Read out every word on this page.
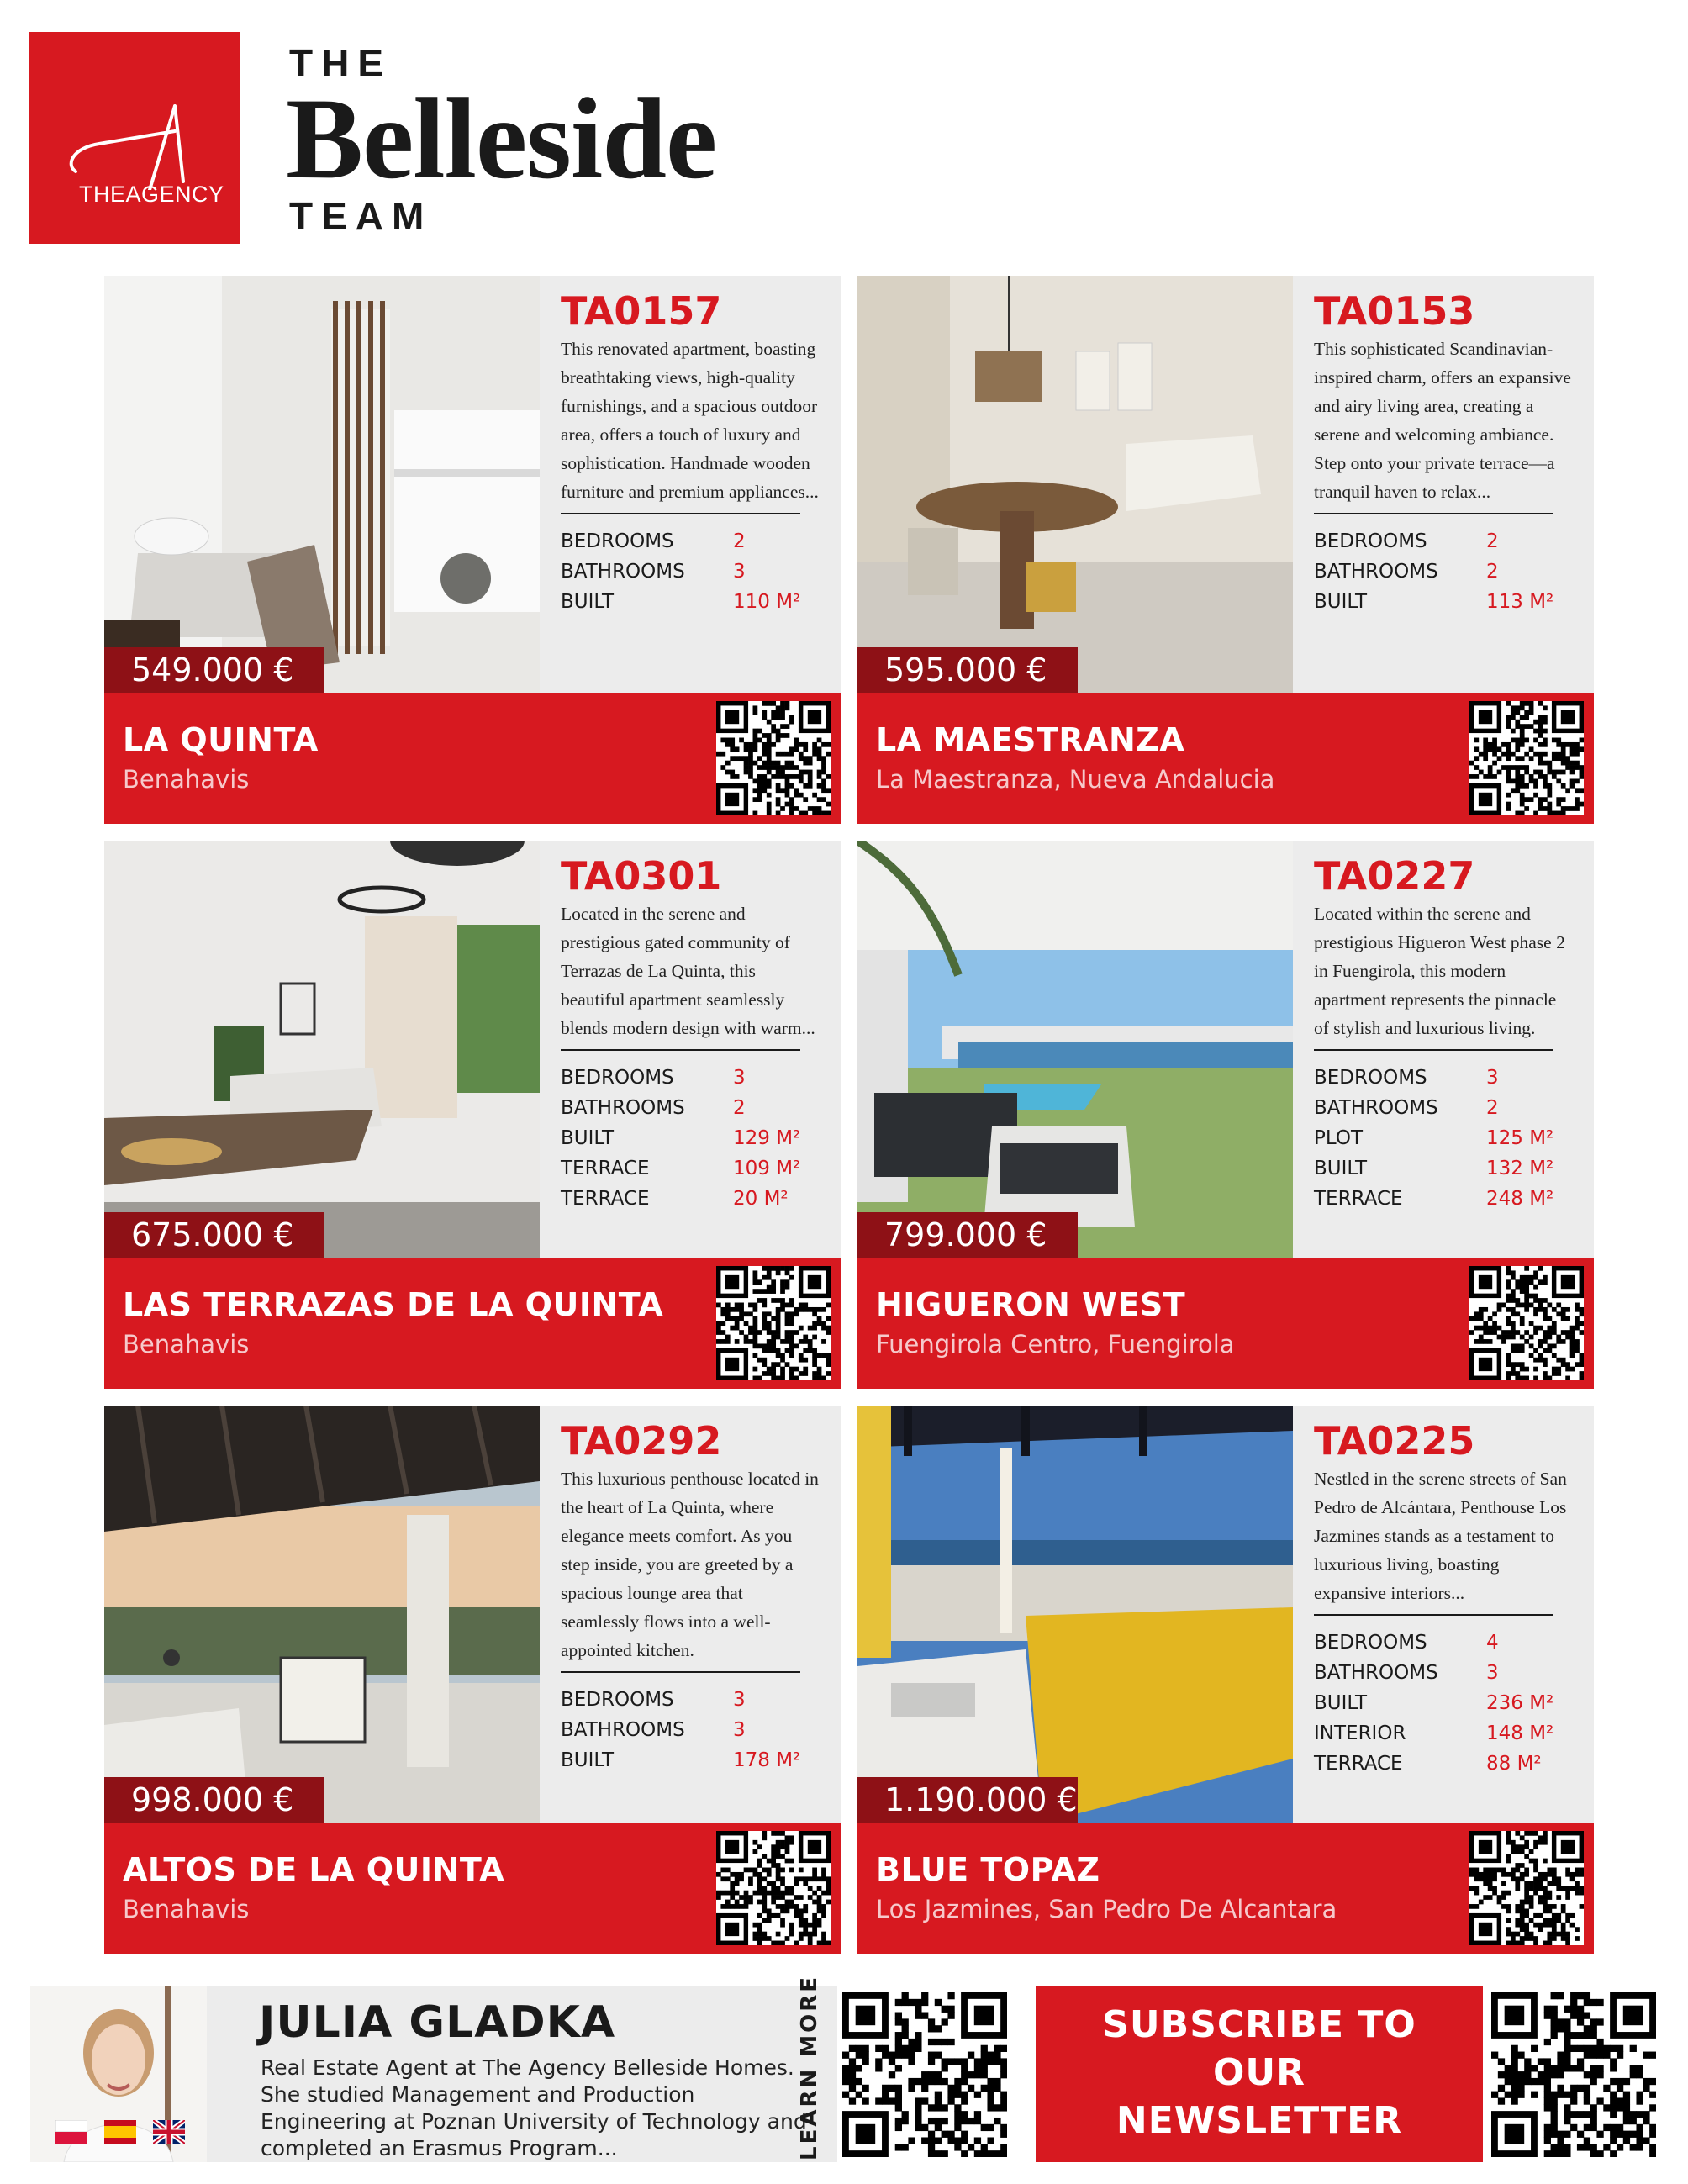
THEAGENCY
THE
Belleside
TEAM
549.000 €
TA0157
This renovated apartment, boasting breathtaking views, high-quality furnishings, and a spacious outdoor area, offers a touch of luxury and sophistication. Handmade wooden furniture and premium appliances...
BEDROOMS	2
BATHROOMS	3
BUILT	110 M²
LA QUINTA
Benahavis
595.000 €
TA0153
This sophisticated Scandinavian-inspired charm, offers an expansive and airy living area, creating a serene and welcoming ambiance. Step onto your private terrace—a tranquil haven to relax...
BEDROOMS	2
BATHROOMS	2
BUILT	113 M²
LA MAESTRANZA
La Maestranza, Nueva Andalucia
675.000 €
TA0301
Located in the serene and prestigious gated community of Terrazas de La Quinta, this beautiful apartment seamlessly blends modern design with warm...
BEDROOMS	3
BATHROOMS	2
BUILT	129 M²
TERRACE	109 M²
TERRACE	20 M²
LAS TERRAZAS DE LA QUINTA
Benahavis
799.000 €
TA0227
Located within the serene and prestigious Higueron West phase 2 in Fuengirola, this modern apartment represents the pinnacle of stylish and luxurious living.
BEDROOMS	3
BATHROOMS	2
PLOT	125 M²
BUILT	132 M²
TERRACE	248 M²
HIGUERON WEST
Fuengirola Centro, Fuengirola
998.000 €
TA0292
This luxurious penthouse located in the heart of La Quinta, where elegance meets comfort. As you step inside, you are greeted by a spacious lounge area that seamlessly flows into a well-appointed kitchen.
BEDROOMS	3
BATHROOMS	3
BUILT	178 M²
ALTOS DE LA QUINTA
Benahavis
1.190.000 €
TA0225
Nestled in the serene streets of San Pedro de Alcántara, Penthouse Los Jazmines stands as a testament to luxurious living, boasting expansive interiors...
BEDROOMS	4
BATHROOMS	3
BUILT	236 M²
INTERIOR	148 M²
TERRACE	88 M²
BLUE TOPAZ
Los Jazmines, San Pedro De Alcantara
JULIA GLADKA
Real Estate Agent at The Agency Belleside Homes. She studied Management and Production Engineering at Poznan University of Technology and completed an Erasmus Program...	LEARN MORE	SUBSCRIBE TO
OUR
NEWSLETTER
